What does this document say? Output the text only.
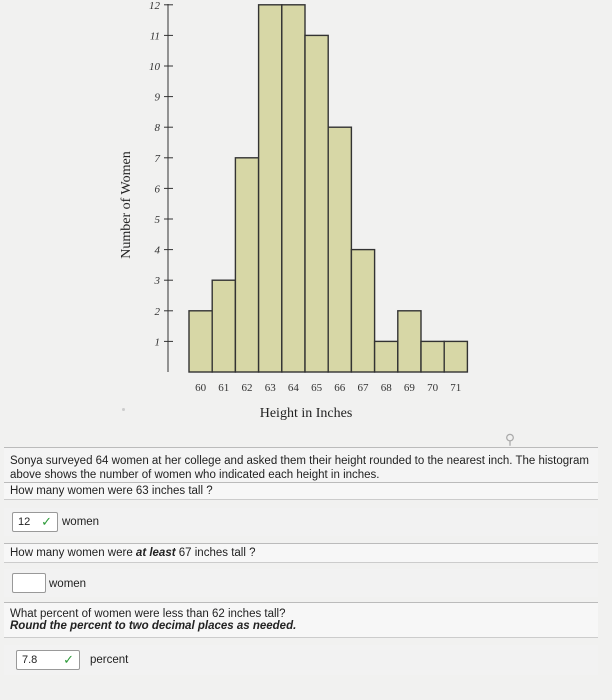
1
2
3
4
5
6
7
8
9
10
11
12
60 61 62 63 64 65 66 67 68 69 70 71
Number of Women
Height in Inches
⚲
Sonya surveyed 64 women at her college and asked them their height rounded to the nearest inch. The histogram above shows the number of women who indicated each height in inches.
How many women were 63 inches tall ?
12 ✓ women
How many women were
at least
67 inches tall ?
women
What percent of women were less than 62 inches tall?
Round the percent to two decimal places as needed.
7.8	✓ percent
